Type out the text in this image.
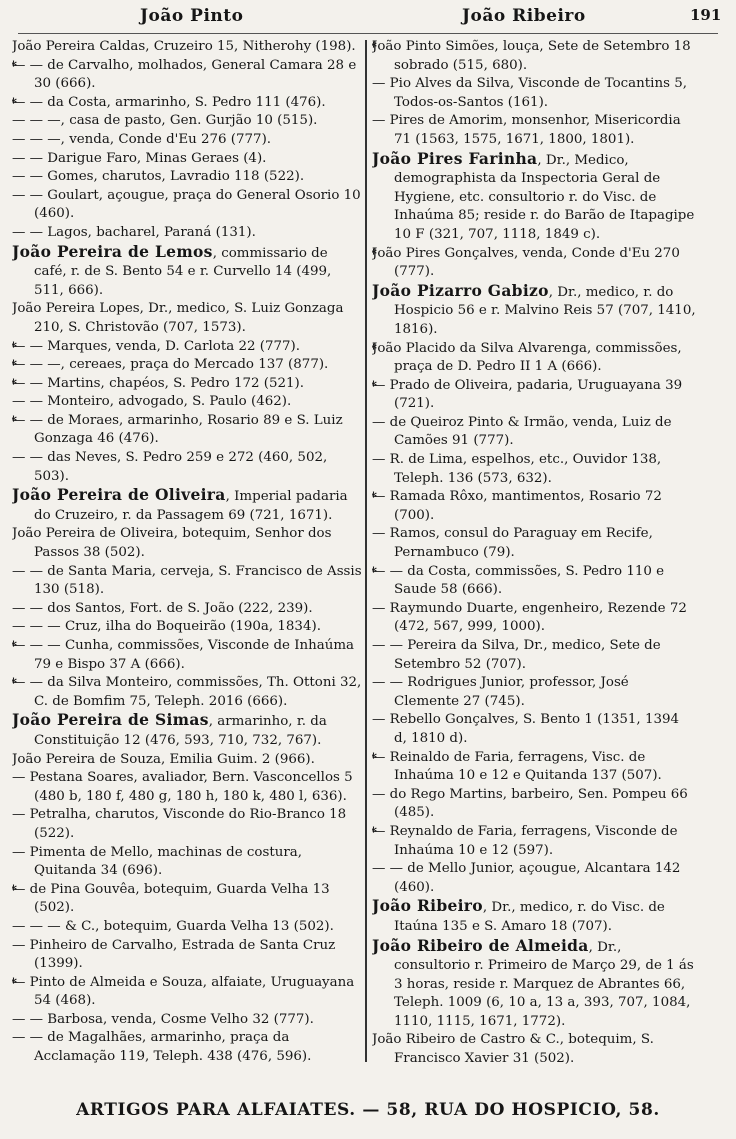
João Pinto	João Ribeiro	191

João Pereira Caldas, Cruzeiro 15, Nitherohy (198).

* — — de Carvalho, molhados, General Camara 28 e 30 (666).

* — — da Costa, armarinho, S. Pedro 111 (476).

— — —, casa de pasto, Gen. Gurjão 10 (515).

— — —, venda, Conde d'Eu 276 (777).

— — Darigue Faro, Minas Geraes (4).

— — Gomes, charutos, Lavradio 118 (522).

— — Goulart, açougue, praça do General Osorio 10 (460).

— — Lagos, bacharel, Paraná (131).

João Pereira de Lemos, commissario de café, r. de S. Bento 54 e r. Curvello 14 (499, 511, 666).

João Pereira Lopes, Dr., medico, S. Luiz Gonzaga 210, S. Christovão (707, 1573).

* — — Marques, venda, D. Carlota 22 (777).

* — — —, cereaes, praça do Mercado 137 (877).

* — — Martins, chapéos, S. Pedro 172 (521).

— — Monteiro, advogado, S. Paulo (462).

* — — de Moraes, armarinho, Rosario 89 e S. Luiz Gonzaga 46 (476).

— — das Neves, S. Pedro 259 e 272 (460, 502, 503).

João Pereira de Oliveira, Imperial padaria do Cruzeiro, r. da Passagem 69 (721, 1671).

João Pereira de Oliveira, botequim, Senhor dos Passos 38 (502).

— — de Santa Maria, cerveja, S. Francisco de Assis 130 (518).

— — dos Santos, Fort. de S. João (222, 239).

— — — Cruz, ilha do Boqueirão (190a, 1834).

* — — — Cunha, commissões, Visconde de Inhaúma 79 e Bispo 37 A (666).

* — — da Silva Monteiro, commissões, Th. Ottoni 32, C. de Bomfim 75, Teleph. 2016 (666).

João Pereira de Simas, armarinho, r. da Constituição 12 (476, 593, 710, 732, 767).

João Pereira de Souza, Emilia Guim. 2 (966).

— Pestana Soares, avaliador, Bern. Vasconcellos 5 (480 b, 180 f, 480 g, 180 h, 180 k, 480 l, 636).

— Petralha, charutos, Visconde do Rio-Branco 18 (522).

— Pimenta de Mello, machinas de costura, Quitanda 34 (696).

* — de Pina Gouvêa, botequim, Guarda Velha 13 (502).

— — — & C., botequim, Guarda Velha 13 (502).

— Pinheiro de Carvalho, Estrada de Santa Cruz (1399).

* — Pinto de Almeida e Souza, alfaiate, Uruguayana 54 (468).

— — Barbosa, venda, Cosme Velho 32 (777).

— — de Magalhães, armarinho, praça da Acclamação 119, Teleph. 438 (476, 596).

* João Pinto Simões, louça, Sete de Setembro 18 sobrado (515, 680).

— Pio Alves da Silva, Visconde de Tocantins 5, Todos-os-Santos (161).

— Pires de Amorim, monsenhor, Misericordia 71 (1563, 1575, 1671, 1800, 1801).

João Pires Farinha, Dr., Medico, demographista da Inspectoria Geral de Hygiene, etc. consultorio r. do Visc. de Inhaúma 85; reside r. do Barão de Itapagipe 10 F (321, 707, 1118, 1849 c).

* João Pires Gonçalves, venda, Conde d'Eu 270 (777).

João Pizarro Gabizo, Dr., medico, r. do Hospicio 56 e r. Malvino Reis 57 (707, 1410, 1816).

* João Placido da Silva Alvarenga, commissões, praça de D. Pedro II 1 A (666).

* — Prado de Oliveira, padaria, Uruguayana 39 (721).

— de Queiroz Pinto & Irmão, venda, Luiz de Camões 91 (777).

— R. de Lima, espelhos, etc., Ouvidor 138, Teleph. 136 (573, 632).

* — Ramada Rôxo, mantimentos, Rosario 72 (700).

— Ramos, consul do Paraguay em Recife, Pernambuco (79).

* — — da Costa, commissões, S. Pedro 110 e Saude 58 (666).

— Raymundo Duarte, engenheiro, Rezende 72 (472, 567, 999, 1000).

— — Pereira da Silva, Dr., medico, Sete de Setembro 52 (707).

— — Rodrigues Junior, professor, José Clemente 27 (745).

— Rebello Gonçalves, S. Bento 1 (1351, 1394 d, 1810 d).

* — Reinaldo de Faria, ferragens, Visc. de Inhaúma 10 e 12 e Quitanda 137 (507).

— do Rego Martins, barbeiro, Sen. Pompeu 66 (485).

* — Reynaldo de Faria, ferragens, Visconde de Inhaúma 10 e 12 (597).

— — de Mello Junior, açougue, Alcantara 142 (460).

João Ribeiro, Dr., medico, r. do Visc. de Itaúna 135 e S. Amaro 18 (707).

João Ribeiro de Almeida, Dr., consultorio r. Primeiro de Março 29, de 1 ás 3 horas, reside r. Marquez de Abrantes 66, Teleph. 1009 (6, 10 a, 13 a, 393, 707, 1084, 1110, 1115, 1671, 1772).

João Ribeiro de Castro & C., botequim, S. Francisco Xavier 31 (502).

ARTIGOS PARA ALFAIATES. — 58, RUA DO HOSPICIO, 58.
